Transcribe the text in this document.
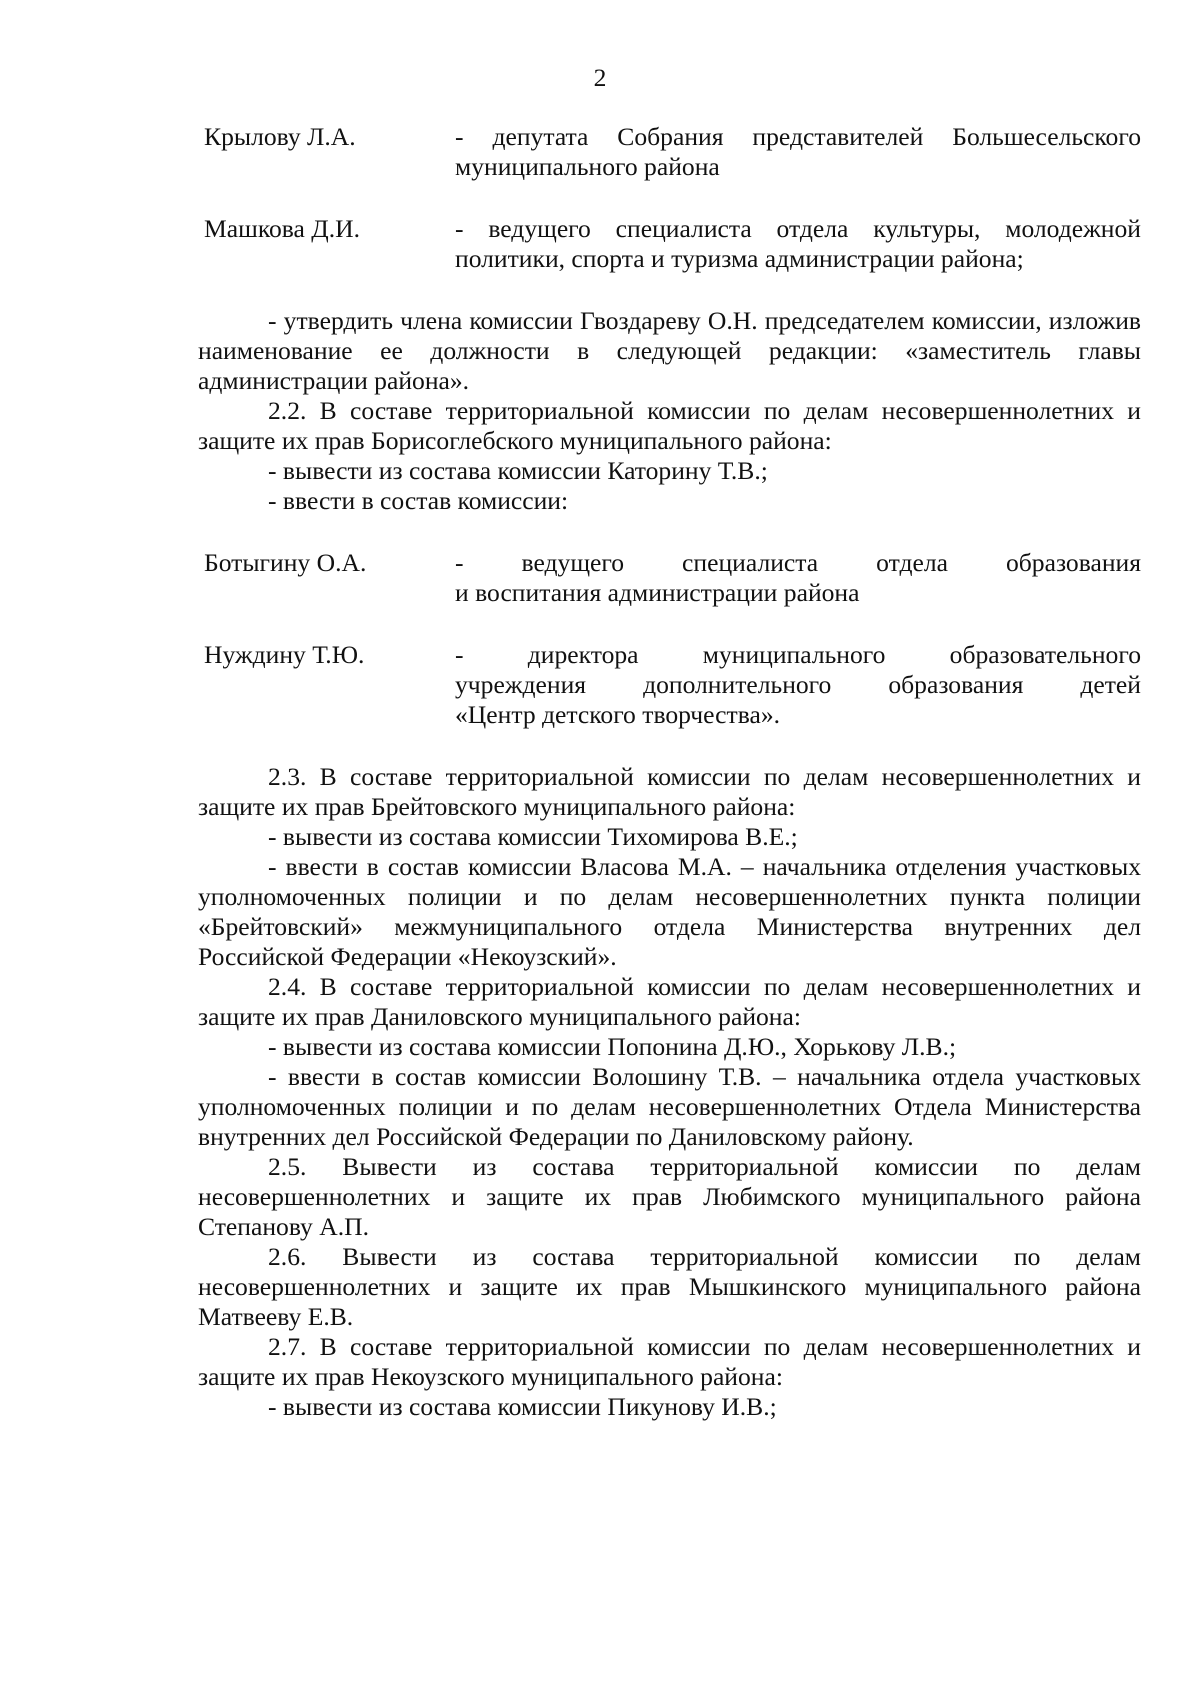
2
Крылову Л.А.	- депутата Собрания представителей Большесельского муниципального района
Машкова Д.И.	- ведущего специалиста отдела культуры, молодежной политики, спорта и туризма администрации района;

- утвердить члена комиссии Гвоздареву О.Н. председателем комиссии, изложив наименование ее должности в следующей редакции: «заместитель главы администрации района».

2.2. В составе территориальной комиссии по делам несовершеннолетних и защите их прав Борисоглебского муниципального района:

- вывести из состава комиссии Каторину Т.В.;

- ввести в состав комиссии:

Ботыгину О.А.	- ведущего специалиста отдела образования
и воспитания администрации района
Нуждину Т.Ю.	- директора муниципального образовательного
учреждения дополнительного образования детей
«Центр детского творчества».

2.3. В составе территориальной комиссии по делам несовершеннолетних и защите их прав Брейтовского муниципального района:

- вывести из состава комиссии Тихомирова В.Е.;

- ввести в состав комиссии Власова М.А. – начальника отделения участковых уполномоченных полиции и по делам несовершеннолетних пункта полиции «Брейтовский» межмуниципального отдела Министерства внутренних дел Российской Федерации «Некоузский».

2.4. В составе территориальной комиссии по делам несовершеннолетних и защите их прав Даниловского муниципального района:

- вывести из состава комиссии Попонина Д.Ю., Хорькову Л.В.;

- ввести в состав комиссии Волошину Т.В. – начальника отдела участковых уполномоченных полиции и по делам несовершеннолетних Отдела Министерства внутренних дел Российской Федерации по Даниловскому району.

2.5. Вывести из состава территориальной комиссии по делам несовершеннолетних и защите их прав Любимского муниципального района Степанову А.П.

2.6. Вывести из состава территориальной комиссии по делам несовершеннолетних и защите их прав Мышкинского муниципального района Матвееву Е.В.

2.7. В составе территориальной комиссии по делам несовершеннолетних и защите их прав Некоузского муниципального района:

- вывести из состава комиссии Пикунову И.В.;
